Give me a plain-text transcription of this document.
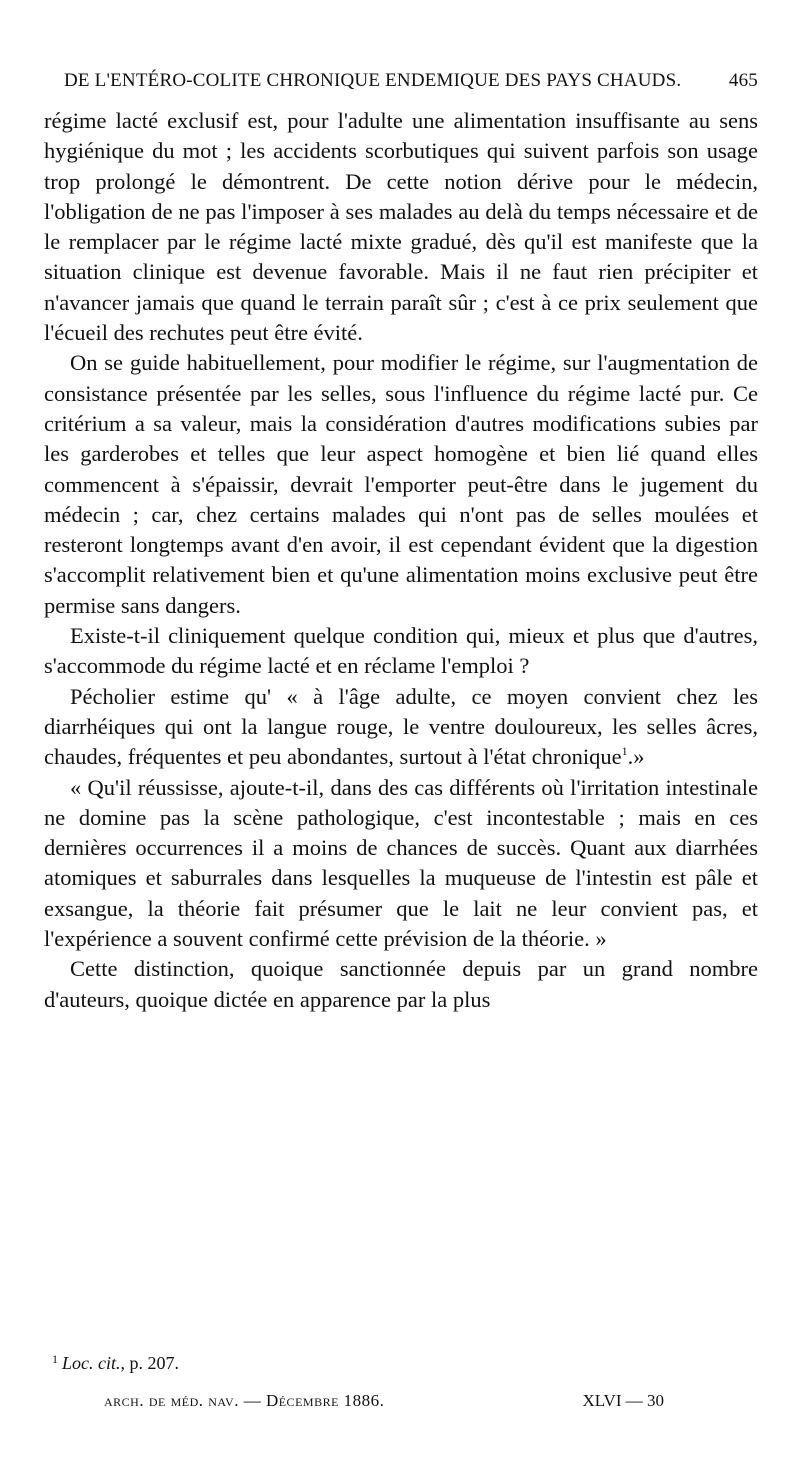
DE L'ENTÉRO-COLITE CHRONIQUE ENDEMIQUE DES PAYS CHAUDS.	465

régime lacté exclusif est, pour l'adulte une alimentation insuffisante au sens hygiénique du mot ; les accidents scorbutiques qui suivent parfois son usage trop prolongé le démontrent. De cette notion dérive pour le médecin, l'obligation de ne pas l'imposer à ses malades au delà du temps nécessaire et de le remplacer par le régime lacté mixte gradué, dès qu'il est manifeste que la situation clinique est devenue favorable. Mais il ne faut rien précipiter et n'avancer jamais que quand le terrain paraît sûr ; c'est à ce prix seulement que l'écueil des rechutes peut être évité.

On se guide habituellement, pour modifier le régime, sur l'augmentation de consistance présentée par les selles, sous l'influence du régime lacté pur. Ce critérium a sa valeur, mais la considération d'autres modifications subies par les garderobes et telles que leur aspect homogène et bien lié quand elles commencent à s'épaissir, devrait l'emporter peut-être dans le jugement du médecin ; car, chez certains malades qui n'ont pas de selles moulées et resteront longtemps avant d'en avoir, il est cependant évident que la digestion s'accomplit relativement bien et qu'une alimentation moins exclusive peut être permise sans dangers.

Existe-t-il cliniquement quelque condition qui, mieux et plus que d'autres, s'accommode du régime lacté et en réclame l'emploi ?

Pécholier estime qu' « à l'âge adulte, ce moyen convient chez les diarrhéiques qui ont la langue rouge, le ventre douloureux, les selles âcres, chaudes, fréquentes et peu abondantes, surtout à l'état chronique$^1$.»

« Qu'il réussisse, ajoute-t-il, dans des cas différents où l'irritation intestinale ne domine pas la scène pathologique, c'est incontestable ; mais en ces dernières occurrences il a moins de chances de succès. Quant aux diarrhées atomiques et saburrales dans lesquelles la muqueuse de l'intestin est pâle et exsangue, la théorie fait présumer que le lait ne leur convient pas, et l'expérience a souvent confirmé cette prévision de la théorie. »

Cette distinction, quoique sanctionnée depuis par un grand nombre d'auteurs, quoique dictée en apparence par la plus

$^1$ Loc. cit., p. 207.
arch. de méd. nav. — Décembre 1886.	XLVI — 30
